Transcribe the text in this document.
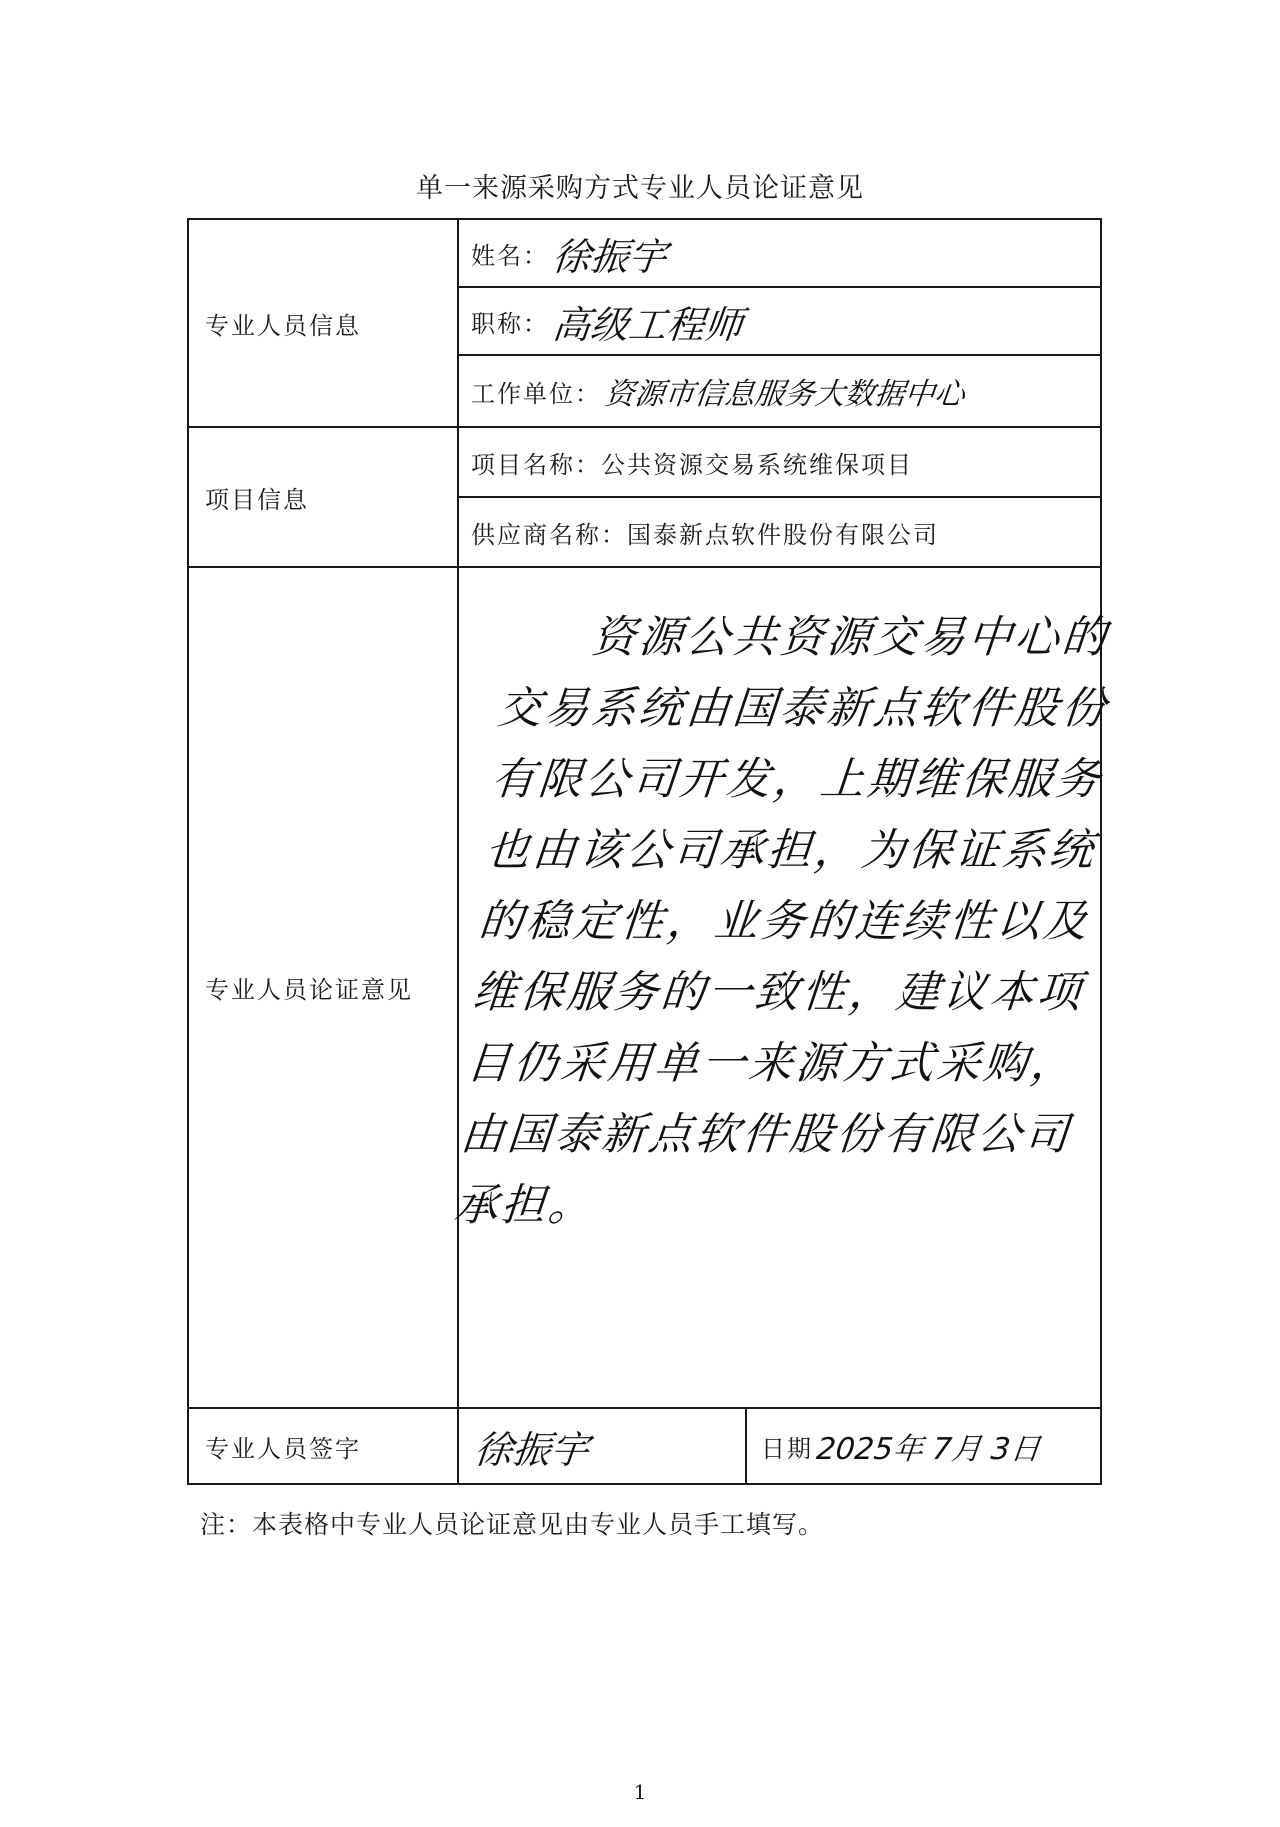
单一来源采购方式专业人员论证意见
专业人员信息
姓名： 徐振宇
职称： 高级工程师
工作单位： 资源市信息服务大数据中心
项目信息
项目名称： 公共资源交易系统维保项目
供应商名称： 国泰新点软件股份有限公司
专业人员论证意见
资源公共资源交易中心的交易系统由国泰新点软件股份有限公司开发，上期维保服务也由该公司承担，为保证系统的稳定性，业务的连续性以及维保服务的一致性，建议本项目仍采用单一来源方式采购，由国泰新点软件股份有限公司承担。
专业人员签字	徐振宇	日期 2025年 7月 3日
注：本表格中专业人员论证意见由专业人员手工填写。
1
